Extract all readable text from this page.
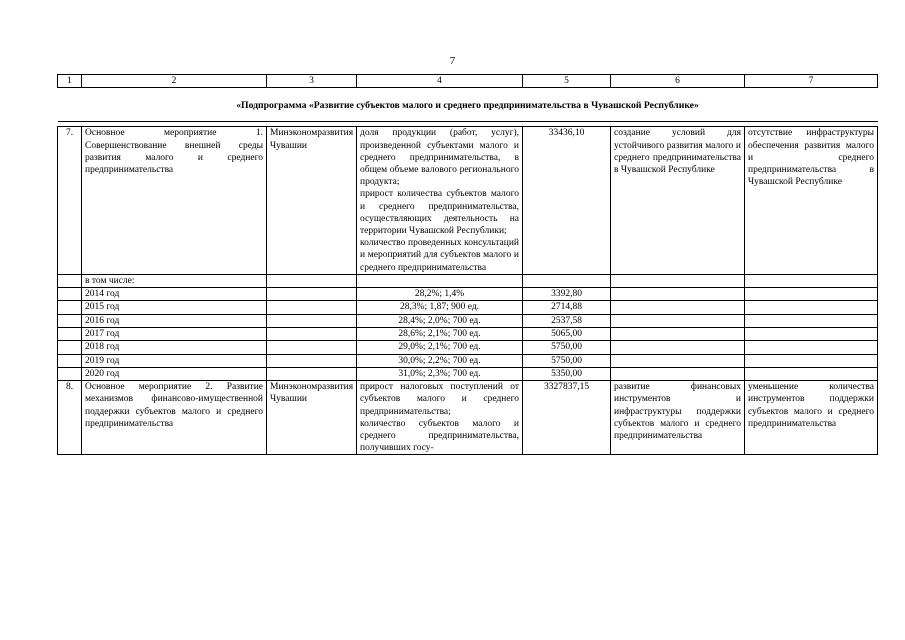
7
1	2	3	4	5	6	7
«Подпрограмма «Развитие субъектов малого и среднего предпринимательства в Чувашской Республике»						

7.	Основное мероприятие 1. Совершенствование внешней среды развития малого и среднего предпринимательства	Минэкономразвития Чувашии	доля продукции (работ, услуг), произведенной субъектами малого и среднего предпринимательства, в общем объеме валового регионального продукта;
прирост количества субъектов малого и среднего предпринимательства, осуществляющих деятельность на территории Чувашской Республики;
количество проведенных консультаций и мероприятий для субъектов малого и среднего предпринимательства	33436,10	создание условий для устойчивого развития малого и среднего предпринимательства в Чувашской Республике	отсутствие инфраструктуры обеспечения развития малого и среднего предпринимательства в Чувашской Республике
	в том числе:					
	2014 год		28,2%; 1,4%	3392,80		
	2015 год		28,3%; 1,87; 900 ед.	2714,88		
	2016 год		28,4%; 2,0%; 700 ед.	2537,58		
	2017 год		28,6%; 2,1%; 700 ед.	5065,00		
	2018 год		29,0%; 2,1%; 700 ед.	5750,00		
	2019 год		30,0%; 2,2%; 700 ед.	5750,00		
	2020 год		31,0%; 2,3%; 700 ед.	5350,00		
8.	Основное мероприятие 2. Развитие механизмов финансово-имущественной поддержки субъектов малого и среднего предпринимательства	Минэкономразвития Чувашии	прирост налоговых поступлений от субъектов малого и среднего предпринимательства;
количество субъектов малого и среднего предпринимательства, получивших госу-	3327837,15	развитие финансовых инструментов и инфраструктуры поддержки субъектов малого и среднего предпринимательства	уменьшение количества инструментов поддержки субъектов малого и среднего предпринимательства
